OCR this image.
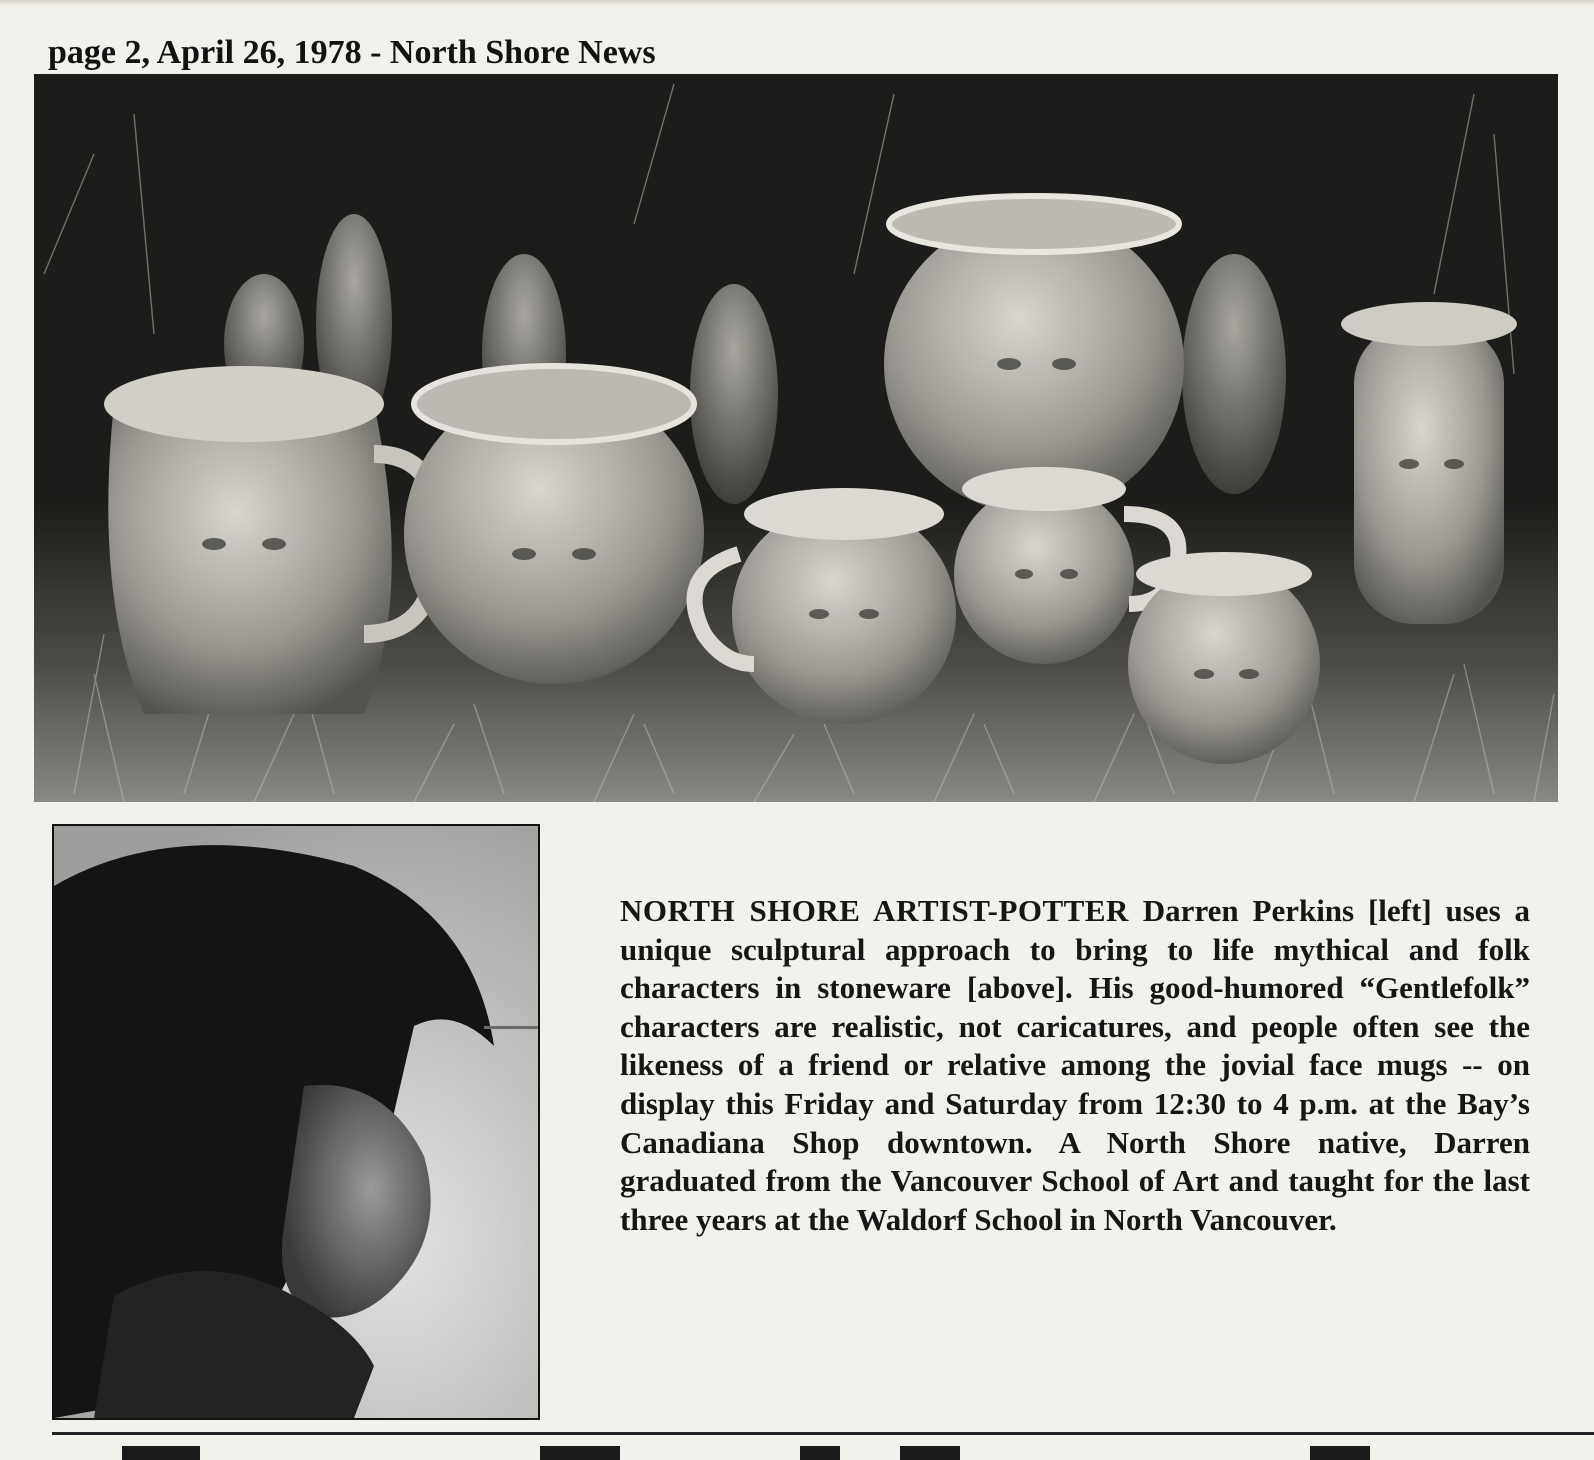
page 2, April 26, 1978 - North Shore News
NORTH SHORE ARTIST-POTTER Darren Perkins [left] uses a unique sculptural approach to bring to life mythical and folk characters in stoneware [above]. His good-humored “Gentlefolk” characters are realistic, not caricatures, and people often see the likeness of a friend or relative among the jovial face mugs -- on display this Friday and Saturday from 12:30 to 4 p.m. at the Bay’s Canadiana Shop downtown. A North Shore native, Darren graduated from the Vancouver School of Art and taught for the last three years at the Waldorf School in North Vancouver.
